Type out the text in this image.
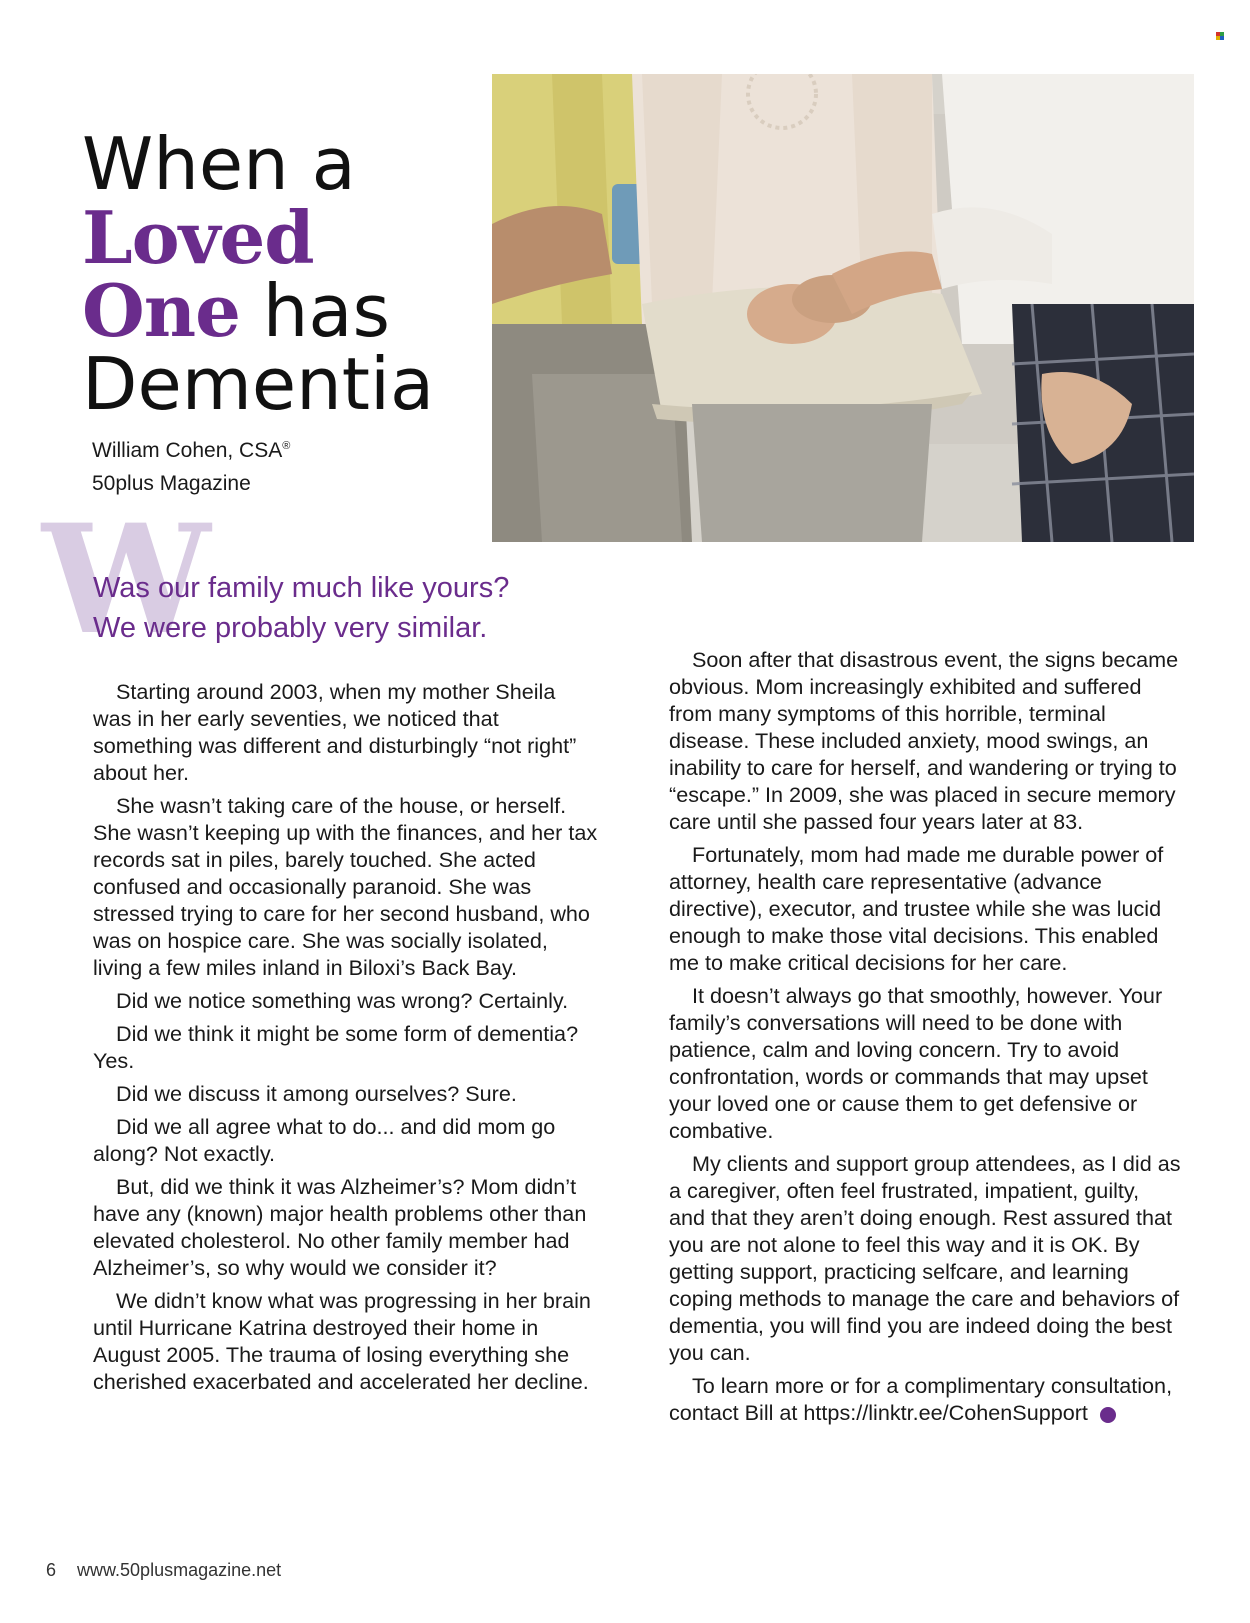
When a
Loved
One has
Dementia
William Cohen, CSA®
50plus Magazine
W
Was our family much like yours?
We were probably very similar.

Starting around 2003, when my mother Sheila was in her early seventies, we noticed that something was different and disturbingly “not right” about her.

She wasn’t taking care of the house, or herself. She wasn’t keeping up with the finances, and her tax records sat in piles, barely touched. She acted confused and occasionally paranoid. She was stressed trying to care for her second husband, who was on hospice care. She was socially isolated, living a few miles inland in Biloxi’s Back Bay.

Did we notice something was wrong? Certainly.

Did we think it might be some form of dementia? Yes.

Did we discuss it among ourselves? Sure.

Did we all agree what to do... and did mom go along? Not exactly.

But, did we think it was Alzheimer’s? Mom didn’t have any (known) major health problems other than elevated cholesterol. No other family member had Alzheimer’s, so why would we consider it?

We didn’t know what was progressing in her brain until Hurricane Katrina destroyed their home in August 2005. The trauma of losing everything she cherished exacerbated and accelerated her decline.

Soon after that disastrous event, the signs became obvious. Mom increasingly exhibited and suffered from many symptoms of this horrible, terminal disease. These included anxiety, mood swings, an inability to care for herself, and wandering or trying to “escape.” In 2009, she was placed in secure memory care until she passed four years later at 83.

Fortunately, mom had made me durable power of attorney, health care representative (advance directive), executor, and trustee while she was lucid enough to make those vital decisions. This enabled me to make critical decisions for her care.

It doesn’t always go that smoothly, however. Your family’s conversations will need to be done with patience, calm and loving concern. Try to avoid confrontation, words or commands that may upset your loved one or cause them to get defensive or combative.

My clients and support group attendees, as I did as a caregiver, often feel frustrated, impatient, guilty, and that they aren’t doing enough. Rest assured that you are not alone to feel this way and it is OK. By getting support, practicing selfcare, and learning coping methods to manage the care and behaviors of dementia, you will find you are indeed doing the best you can.

To learn more or for a complimentary consultation, contact Bill at https://linktr.ee/CohenSupport

6 www.50plusmagazine.net
